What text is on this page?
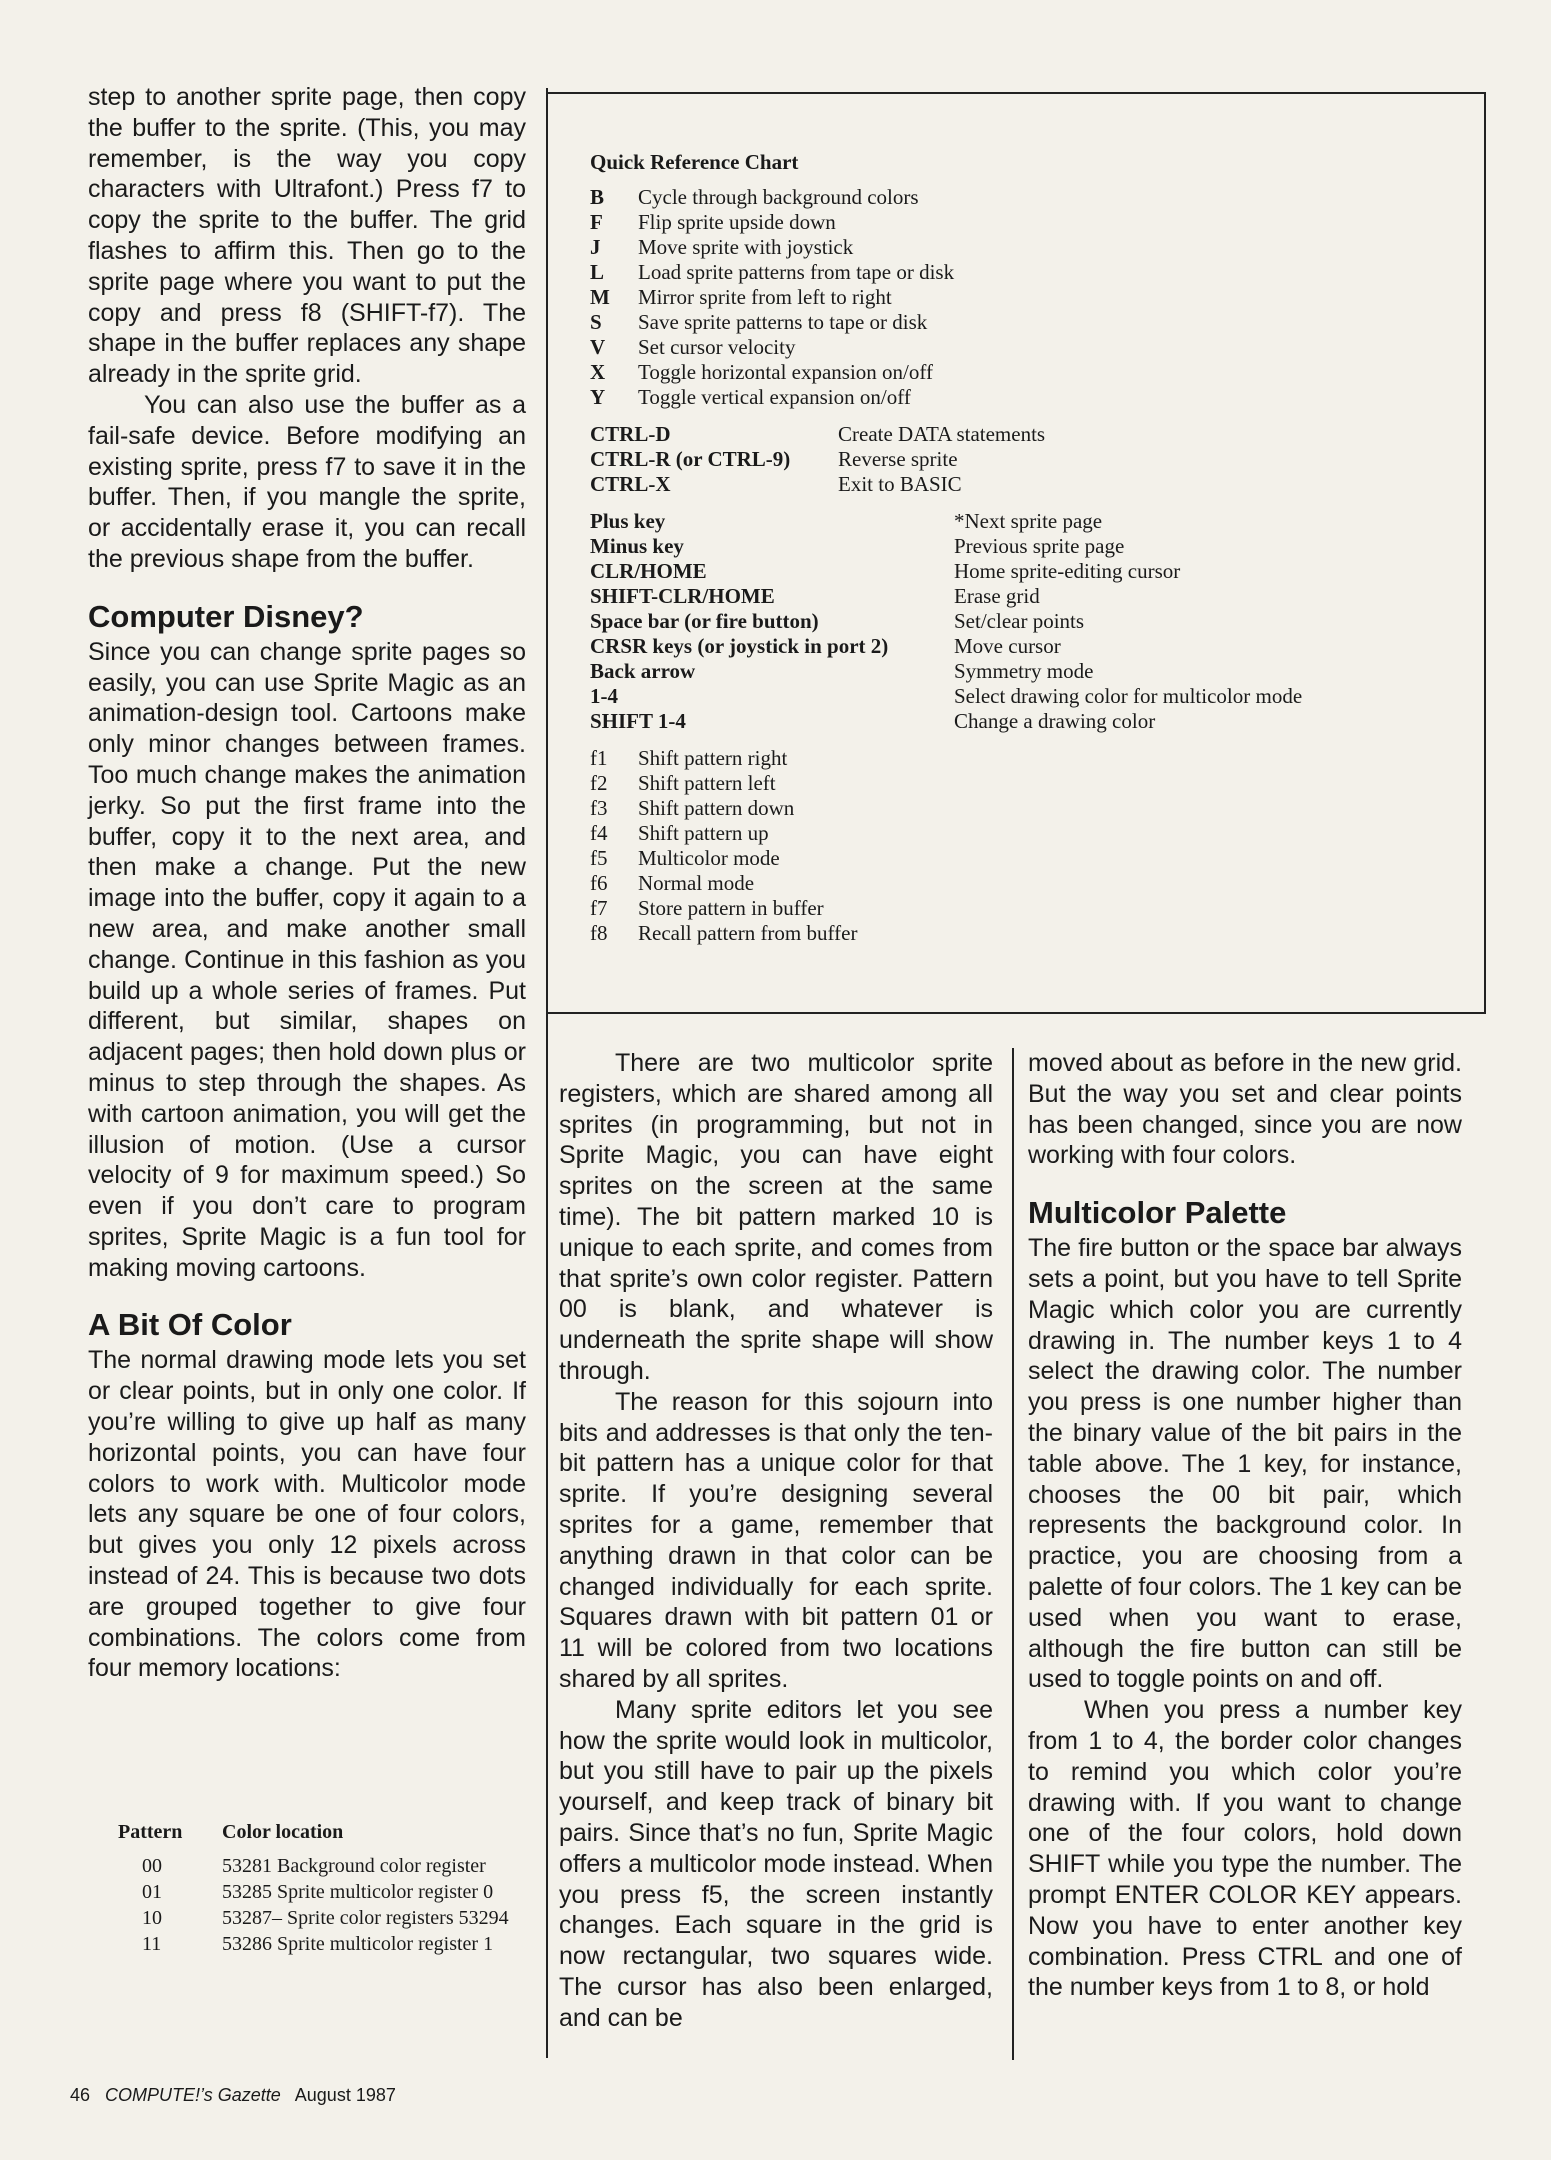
step to another sprite page, then copy the buffer to the sprite. (This, you may remember, is the way you copy characters with Ultrafont.) Press f7 to copy the sprite to the buffer. The grid flashes to affirm this. Then go to the sprite page where you want to put the copy and press f8 (SHIFT-f7). The shape in the buffer replaces any shape already in the sprite grid.

You can also use the buffer as a fail-safe device. Before modifying an existing sprite, press f7 to save it in the buffer. Then, if you mangle the sprite, or accidentally erase it, you can recall the previous shape from the buffer.

Computer Disney?

Since you can change sprite pages so easily, you can use Sprite Magic as an animation-design tool. Cartoons make only minor changes between frames. Too much change makes the animation jerky. So put the first frame into the buffer, copy it to the next area, and then make a change. Put the new image into the buffer, copy it again to a new area, and make another small change. Continue in this fashion as you build up a whole series of frames. Put different, but similar, shapes on adjacent pages; then hold down plus or minus to step through the shapes. As with cartoon animation, you will get the illusion of motion. (Use a cursor velocity of 9 for maximum speed.) So even if you don’t care to program sprites, Sprite Magic is a fun tool for making moving cartoons.

A Bit Of Color

The normal drawing mode lets you set or clear points, but in only one color. If you’re willing to give up half as many horizontal points, you can have four colors to work with. Multicolor mode lets any square be one of four colors, but gives you only 12 pixels across instead of 24. This is because two dots are grouped together to give four combinations. The colors come from four memory locations:

Pattern Color location
00	53281 Background color register
01	53285 Sprite multicolor register 0
10	53287– Sprite color registers 53294
11	53286 Sprite multicolor register 1
Quick Reference Chart
B Cycle through background colors
F Flip sprite upside down
J Move sprite with joystick
L Load sprite patterns from tape or disk
M Mirror sprite from left to right
S Save sprite patterns to tape or disk
V Set cursor velocity
X Toggle horizontal expansion on/off
Y Toggle vertical expansion on/off
CTRL-D	Create DATA statements
CTRL-R (or CTRL-9) Reverse sprite
CTRL-X	Exit to BASIC
Plus key	*Next sprite page
Minus key	Previous sprite page
CLR/HOME	Home sprite-editing cursor
SHIFT-CLR/HOME	Erase grid
Space bar (or fire button)	Set/clear points
CRSR keys (or joystick in port 2)	Move cursor
Back arrow	Symmetry mode
1-4	Select drawing color for multicolor mode
SHIFT 1-4	Change a drawing color
f1 Shift pattern right
f2 Shift pattern left
f3 Shift pattern down
f4 Shift pattern up
f5 Multicolor mode
f6 Normal mode
f7 Store pattern in buffer
f8 Recall pattern from buffer

There are two multicolor sprite registers, which are shared among all sprites (in programming, but not in Sprite Magic, you can have eight sprites on the screen at the same time). The bit pattern marked 10 is unique to each sprite, and comes from that sprite’s own color register. Pattern 00 is blank, and whatever is underneath the sprite shape will show through.

The reason for this sojourn into bits and addresses is that only the ten-bit pattern has a unique color for that sprite. If you’re designing several sprites for a game, remember that anything drawn in that color can be changed individually for each sprite. Squares drawn with bit pattern 01 or 11 will be colored from two locations shared by all sprites.

Many sprite editors let you see how the sprite would look in multicolor, but you still have to pair up the pixels yourself, and keep track of binary bit pairs. Since that’s no fun, Sprite Magic offers a multicolor mode instead. When you press f5, the screen instantly changes. Each square in the grid is now rectangular, two squares wide. The cursor has also been enlarged, and can be

moved about as before in the new grid. But the way you set and clear points has been changed, since you are now working with four colors.

Multicolor Palette

The fire button or the space bar always sets a point, but you have to tell Sprite Magic which color you are currently drawing in. The number keys 1 to 4 select the drawing color. The number you press is one number higher than the binary value of the bit pairs in the table above. The 1 key, for instance, chooses the 00 bit pair, which represents the background color. In practice, you are choosing from a palette of four colors. The 1 key can be used when you want to erase, although the fire button can still be used to toggle points on and off.

When you press a number key from 1 to 4, the border color changes to remind you which color you’re drawing with. If you want to change one of the four colors, hold down SHIFT while you type the number. The prompt ENTER COLOR KEY appears. Now you have to enter another key combination. Press CTRL and one of the number keys from 1 to 8, or hold

46 COMPUTE!’s Gazette August 1987
